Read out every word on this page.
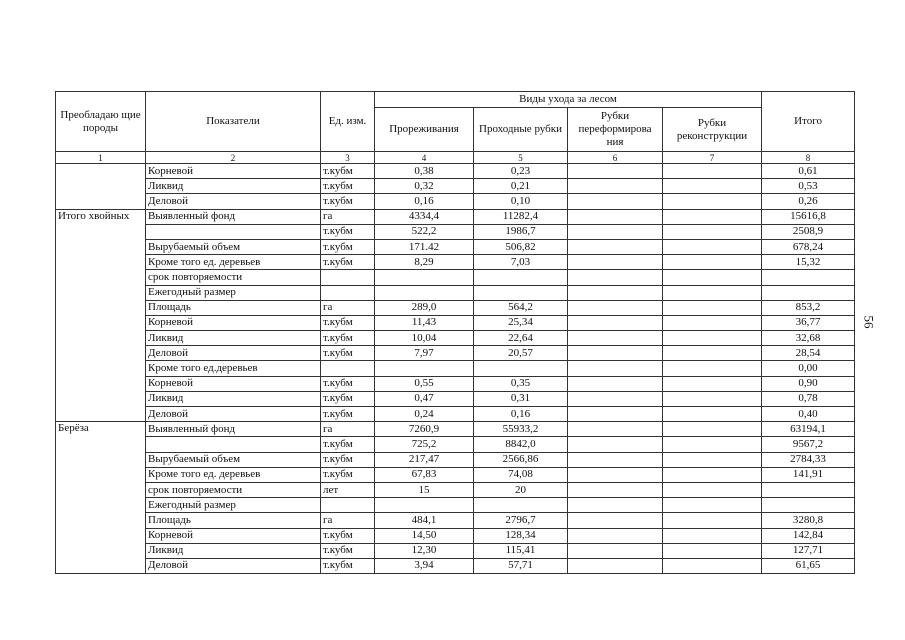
Преобладаю щие породы	Показатели	Ед. изм.	Виды ухода за лесом				Итого
			Прореживания	Проходные рубки	Рубки переформирова ния	Рубки реконструкции	
1	2	3	4	5	6	7	8
	Корневой	т.кубм	0,38	0,23			0,61
	Ликвид	т.кубм	0,32	0,21			0,53
	Деловой	т.кубм	0,16	0,10			0,26
Итого хвойных	Выявленный фонд	га	4334,4	11282,4			15616,8
		т.кубм	522,2	1986,7			2508,9
	Вырубаемый объем	т.кубм	171.42	506,82			678,24
	Кроме того ед. деревьев	т.кубм	8,29	7,03			15,32
	срок повторяемости						
	Ежегодный размер						
	Площадь	га	289,0	564,2			853,2
	Корневой	т.кубм	11,43	25,34			36,77
	Ликвид	т.кубм	10,04	22,64			32,68
	Деловой	т.кубм	7,97	20,57			28,54
	Кроме того ед.деревьев						0,00
	Корневой	т.кубм	0,55	0,35			0,90
	Ликвид	т.кубм	0,47	0,31			0,78
	Деловой	т.кубм	0,24	0,16			0,40
Берёза	Выявленный фонд	га	7260,9	55933,2			63194,1
		т.кубм	725,2	8842,0			9567,2
	Вырубаемый объем	т.кубм	217,47	2566,86			2784,33
	Кроме того ед. деревьев	т.кубм	67,83	74,08			141,91
	срок повторяемости	лет	15	20			
	Ежегодный размер						
	Площадь	га	484,1	2796,7			3280,8
	Корневой	т.кубм	14,50	128,34			142,84
	Ликвид	т.кубм	12,30	115,41			127,71
	Деловой	т.кубм	3,94	57,71			61,65
56
